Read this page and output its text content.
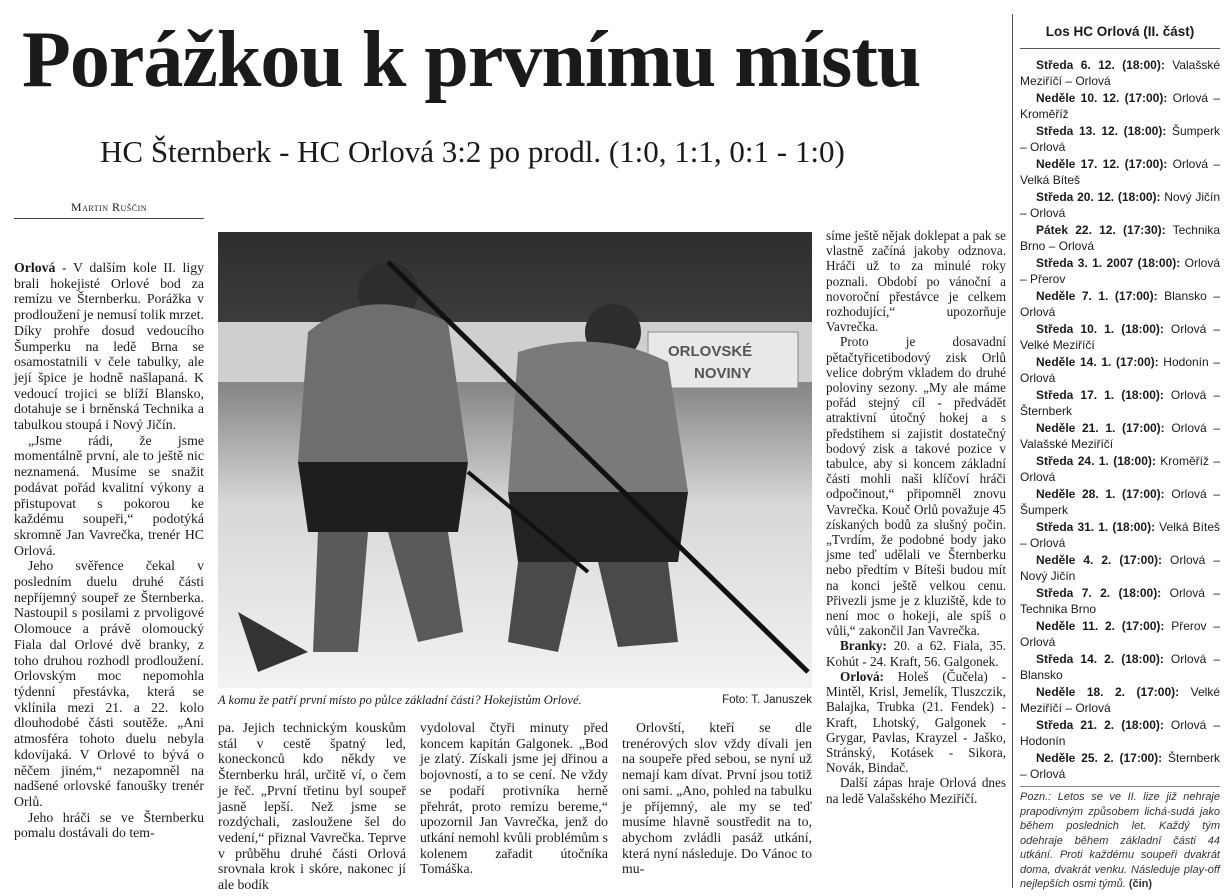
Porážkou k prvnímu místu
HC Šternberk - HC Orlová 3:2 po prodl. (1:0, 1:1, 0:1 - 1:0)
Martin Ruščin

Orlová - V dalším kole II. ligy brali hokejisté Orlové bod za remízu ve Šternberku. Porážka v prodloužení je nemusí tolik mrzet. Díky prohře dosud vedoucího Šumperku na ledě Brna se osamostatnili v čele tabulky, ale její špice je hodně našlapaná. K vedoucí trojici se blíží Blansko, dotahuje se i brněnská Technika a tabulkou stoupá i Nový Jičín.

„Jsme rádi, že jsme momentálně první, ale to ještě nic neznamená. Musíme se snažit podávat pořád kvalitní výkony a přistupovat s pokorou ke každému soupeři,“ podotýká skromně Jan Vavrečka, trenér HC Orlová.

Jeho svěřence čekal v posledním duelu druhé části nepříjemný soupeř ze Šternberka. Nastoupil s posilami z prvoligové Olomouce a právě olomoucký Fiala dal Orlové dvě branky, z toho druhou rozhodl prodloužení. Orlovským moc nepomohla týdenní přestávka, která se vklínila mezi 21. a 22. kolo dlouhodobé části soutěže. „Ani atmosféra tohoto duelu nebyla kdovíjaká. V Orlové to bývá o něčem jiném,“ nezapomněl na nadšené orlovské fanoušky trenér Orlů.

Jeho hráči se ve Šternberku pomalu dostávali do tem-

ORLOVSKÉ
NOVINY
A komu že patří první místo po půlce základní části? Hokejistům Orlové.	Foto: T. Januszek

pa. Jejich technickým kouskům stál v cestě špatný led, koneckonců kdo někdy ve Šternberku hrál, určitě ví, o čem je řeč. „První třetinu byl soupeř jasně lepší. Než jsme se rozdýchali, zasloužene šel do vedení,“ přiznal Vavrečka. Teprve v průběhu druhé části Orlová srovnala krok i skóre, nakonec jí ale bodík

vydoloval čtyři minuty před koncem kapitán Galgonek. „Bod je zlatý. Získali jsme jej dřinou a bojovností, a to se cení. Ne vždy se podaří protivníka herně přehrát, proto remízu bereme,“ upozornil Jan Vavrečka, jenž do utkání nemohl kvůli problémům s kolenem zařadit útočníka Tomáška.

Orlovští, kteří se dle trenérových slov vždy dívali jen na soupeře před sebou, se nyní už nemají kam dívat. První jsou totiž oni sami. „Ano, pohled na tabulku je příjemný, ale my se teď musíme hlavně soustředit na to, abychom zvládli pasáž utkání, která nyní následuje. Do Vánoc to mu-

síme ještě nějak doklepat a pak se vlastně začíná jakoby odznova. Hráči už to za minulé roky poznali. Období po vánoční a novoroční přestávce je celkem rozhodující,“ upozorňuje Vavrečka.

Proto je dosavadní pětačtyřicetibodový zisk Orlů velice dobrým vkladem do druhé poloviny sezony. „My ale máme pořád stejný cíl - předvádět atraktivní útočný hokej a s předstihem si zajistit dostatečný bodový zisk a takové pozice v tabulce, aby si koncem základní části mohli naši klíčoví hráči odpočinout,“ připomněl znovu Vavrečka. Kouč Orlů považuje 45 získaných bodů za slušný počin. „Tvrdím, že podobné body jako jsme teď udělali ve Šternberku nebo předtím v Bíteši budou mít na konci ještě velkou cenu. Přivezli jsme je z kluziště, kde to není moc o hokeji, ale spíš o vůli,“ zakončil Jan Vavrečka.

Branky: 20. a 62. Fiala, 35. Kohút - 24. Kraft, 56. Galgonek.

Orlová: Holeš (Čučela) - Mintěl, Krisl, Jemelík, Tluszczik, Balajka, Trubka (21. Fendek) - Kraft, Lhotský, Galgonek - Grygar, Pavlas, Krayzel - Jaško, Stránský, Kotásek - Sikora, Novák, Bindač.

Další zápas hraje Orlová dnes na ledě Valašského Meziříčí.

Los HC Orlová (II. část)
Středa 6. 12. (18:00): Valašské Meziříčí – Orlová
Neděle 10. 12. (17:00): Orlová – Kroměříž
Středa 13. 12. (18:00): Šumperk – Orlová
Neděle 17. 12. (17:00): Orlová – Velká Bíteš
Středa 20. 12. (18:00): Nový Jičín – Orlová
Pátek 22. 12. (17:30): Technika Brno – Orlová
Středa 3. 1. 2007 (18:00): Orlová – Přerov
Neděle 7. 1. (17:00): Blansko – Orlová
Středa 10. 1. (18:00): Orlová – Velké Meziříčí
Neděle 14. 1. (17:00): Hodonín – Orlová
Středa 17. 1. (18:00): Orlová – Šternberk
Neděle 21. 1. (17:00): Orlová – Valašské Meziříčí
Středa 24. 1. (18:00): Kroměříž – Orlová
Neděle 28. 1. (17:00): Orlová – Šumperk
Středa 31. 1. (18:00): Velká Bíteš – Orlová
Neděle 4. 2. (17:00): Orlová – Nový Jičín
Středa 7. 2. (18:00): Orlová – Technika Brno
Neděle 11. 2. (17:00): Přerov – Orlová
Středa 14. 2. (18:00): Orlová – Blansko
Neděle 18. 2. (17:00): Velké Meziříčí – Orlová
Středa 21. 2. (18:00): Orlová – Hodonín
Neděle 25. 2. (17:00): Šternberk – Orlová
Pozn.: Letos se ve II. lize již nehraje prapodivným způsobem lichá-sudá jako během poslednich let. Každý tým odehraje během základní části 44 utkání. Proti každému soupeři dvakrát doma, dvakrát venku. Následuje play-off nejlepších osmi týmů. (čin)
